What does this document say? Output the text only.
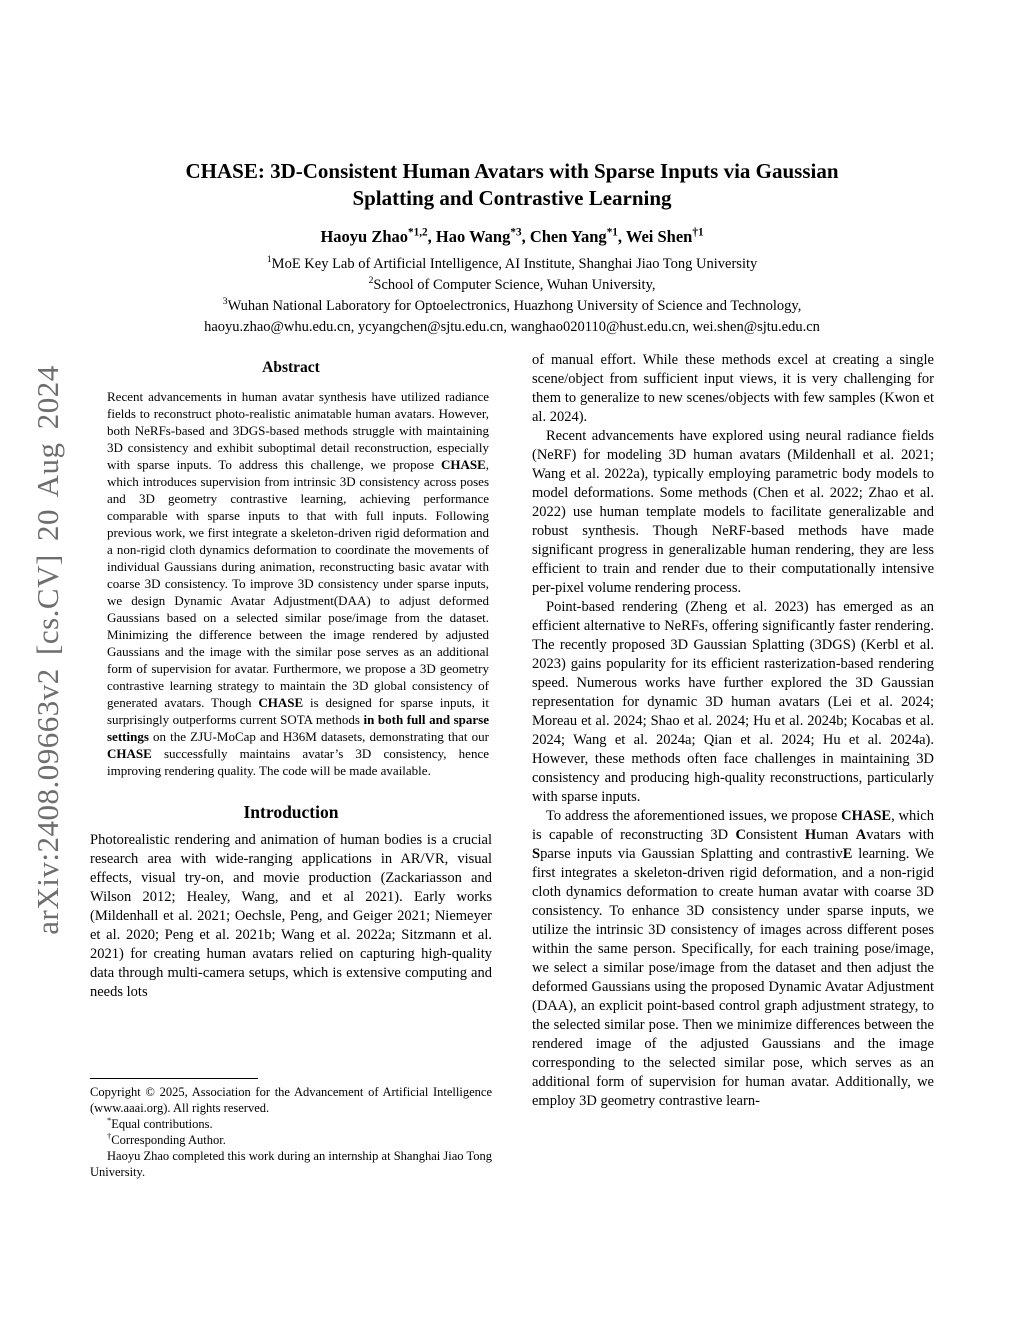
arXiv:2408.09663v2 [cs.CV] 20 Aug 2024
CHASE: 3D-Consistent Human Avatars with Sparse Inputs via Gaussian
Splatting and Contrastive Learning
Haoyu Zhao$^{*1,2}$, Hao Wang$^{*3}$, Chen Yang$^{*1}$, Wei Shen$^{\dagger 1}$
$^1$MoE Key Lab of Artificial Intelligence, AI Institute, Shanghai Jiao Tong University
$^2$School of Computer Science, Wuhan University,
$^3$Wuhan National Laboratory for Optoelectronics, Huazhong University of Science and Technology,
haoyu.zhao@whu.edu.cn, ycyangchen@sjtu.edu.cn, wanghao020110@hust.edu.cn, wei.shen@sjtu.edu.cn
Abstract

Recent advancements in human avatar synthesis have utilized radiance fields to reconstruct photo-realistic animatable human avatars. However, both NeRFs-based and 3DGS-based methods struggle with maintaining 3D consistency and exhibit suboptimal detail reconstruction, especially with sparse inputs. To address this challenge, we propose CHASE, which introduces supervision from intrinsic 3D consistency across poses and 3D geometry contrastive learning, achieving performance comparable with sparse inputs to that with full inputs. Following previous work, we first integrate a skeleton-driven rigid deformation and a non-rigid cloth dynamics deformation to coordinate the movements of individual Gaussians during animation, reconstructing basic avatar with coarse 3D consistency. To improve 3D consistency under sparse inputs, we design Dynamic Avatar Adjustment(DAA) to adjust deformed Gaussians based on a selected similar pose/image from the dataset. Minimizing the difference between the image rendered by adjusted Gaussians and the image with the similar pose serves as an additional form of supervision for avatar. Furthermore, we propose a 3D geometry contrastive learning strategy to maintain the 3D global consistency of generated avatars. Though CHASE is designed for sparse inputs, it surprisingly outperforms current SOTA methods in both full and sparse settings on the ZJU-MoCap and H36M datasets, demonstrating that our CHASE successfully maintains avatar’s 3D consistency, hence improving rendering quality. The code will be made available.

Introduction

Photorealistic rendering and animation of human bodies is a crucial research area with wide-ranging applications in AR/VR, visual effects, visual try-on, and movie production (Zackariasson and Wilson 2012; Healey, Wang, and et al 2021). Early works (Mildenhall et al. 2021; Oechsle, Peng, and Geiger 2021; Niemeyer et al. 2020; Peng et al. 2021b; Wang et al. 2022a; Sitzmann et al. 2021) for creating human avatars relied on capturing high-quality data through multi-camera setups, which is extensive computing and needs lots

Copyright © 2025, Association for the Advancement of Artificial Intelligence (www.aaai.org). All rights reserved.

*Equal contributions.

†Corresponding Author.

Haoyu Zhao completed this work during an internship at Shanghai Jiao Tong University.

of manual effort. While these methods excel at creating a single scene/object from sufficient input views, it is very challenging for them to generalize to new scenes/objects with few samples (Kwon et al. 2024).

Recent advancements have explored using neural radiance fields (NeRF) for modeling 3D human avatars (Mildenhall et al. 2021; Wang et al. 2022a), typically employing parametric body models to model deformations. Some methods (Chen et al. 2022; Zhao et al. 2022) use human template models to facilitate generalizable and robust synthesis. Though NeRF-based methods have made significant progress in generalizable human rendering, they are less efficient to train and render due to their computationally intensive per-pixel volume rendering process.

Point-based rendering (Zheng et al. 2023) has emerged as an efficient alternative to NeRFs, offering significantly faster rendering. The recently proposed 3D Gaussian Splatting (3DGS) (Kerbl et al. 2023) gains popularity for its efficient rasterization-based rendering speed. Numerous works have further explored the 3D Gaussian representation for dynamic 3D human avatars (Lei et al. 2024; Moreau et al. 2024; Shao et al. 2024; Hu et al. 2024b; Kocabas et al. 2024; Wang et al. 2024a; Qian et al. 2024; Hu et al. 2024a). However, these methods often face challenges in maintaining 3D consistency and producing high-quality reconstructions, particularly with sparse inputs.

To address the aforementioned issues, we propose CHASE, which is capable of reconstructing 3D Consistent Human Avatars with Sparse inputs via Gaussian Splatting and contrastivE learning. We first integrates a skeleton-driven rigid deformation, and a non-rigid cloth dynamics deformation to create human avatar with coarse 3D consistency. To enhance 3D consistency under sparse inputs, we utilize the intrinsic 3D consistency of images across different poses within the same person. Specifically, for each training pose/image, we select a similar pose/image from the dataset and then adjust the deformed Gaussians using the proposed Dynamic Avatar Adjustment (DAA), an explicit point-based control graph adjustment strategy, to the selected similar pose. Then we minimize differences between the rendered image of the adjusted Gaussians and the image corresponding to the selected similar pose, which serves as an additional form of supervision for human avatar. Additionally, we employ 3D geometry contrastive learn-
